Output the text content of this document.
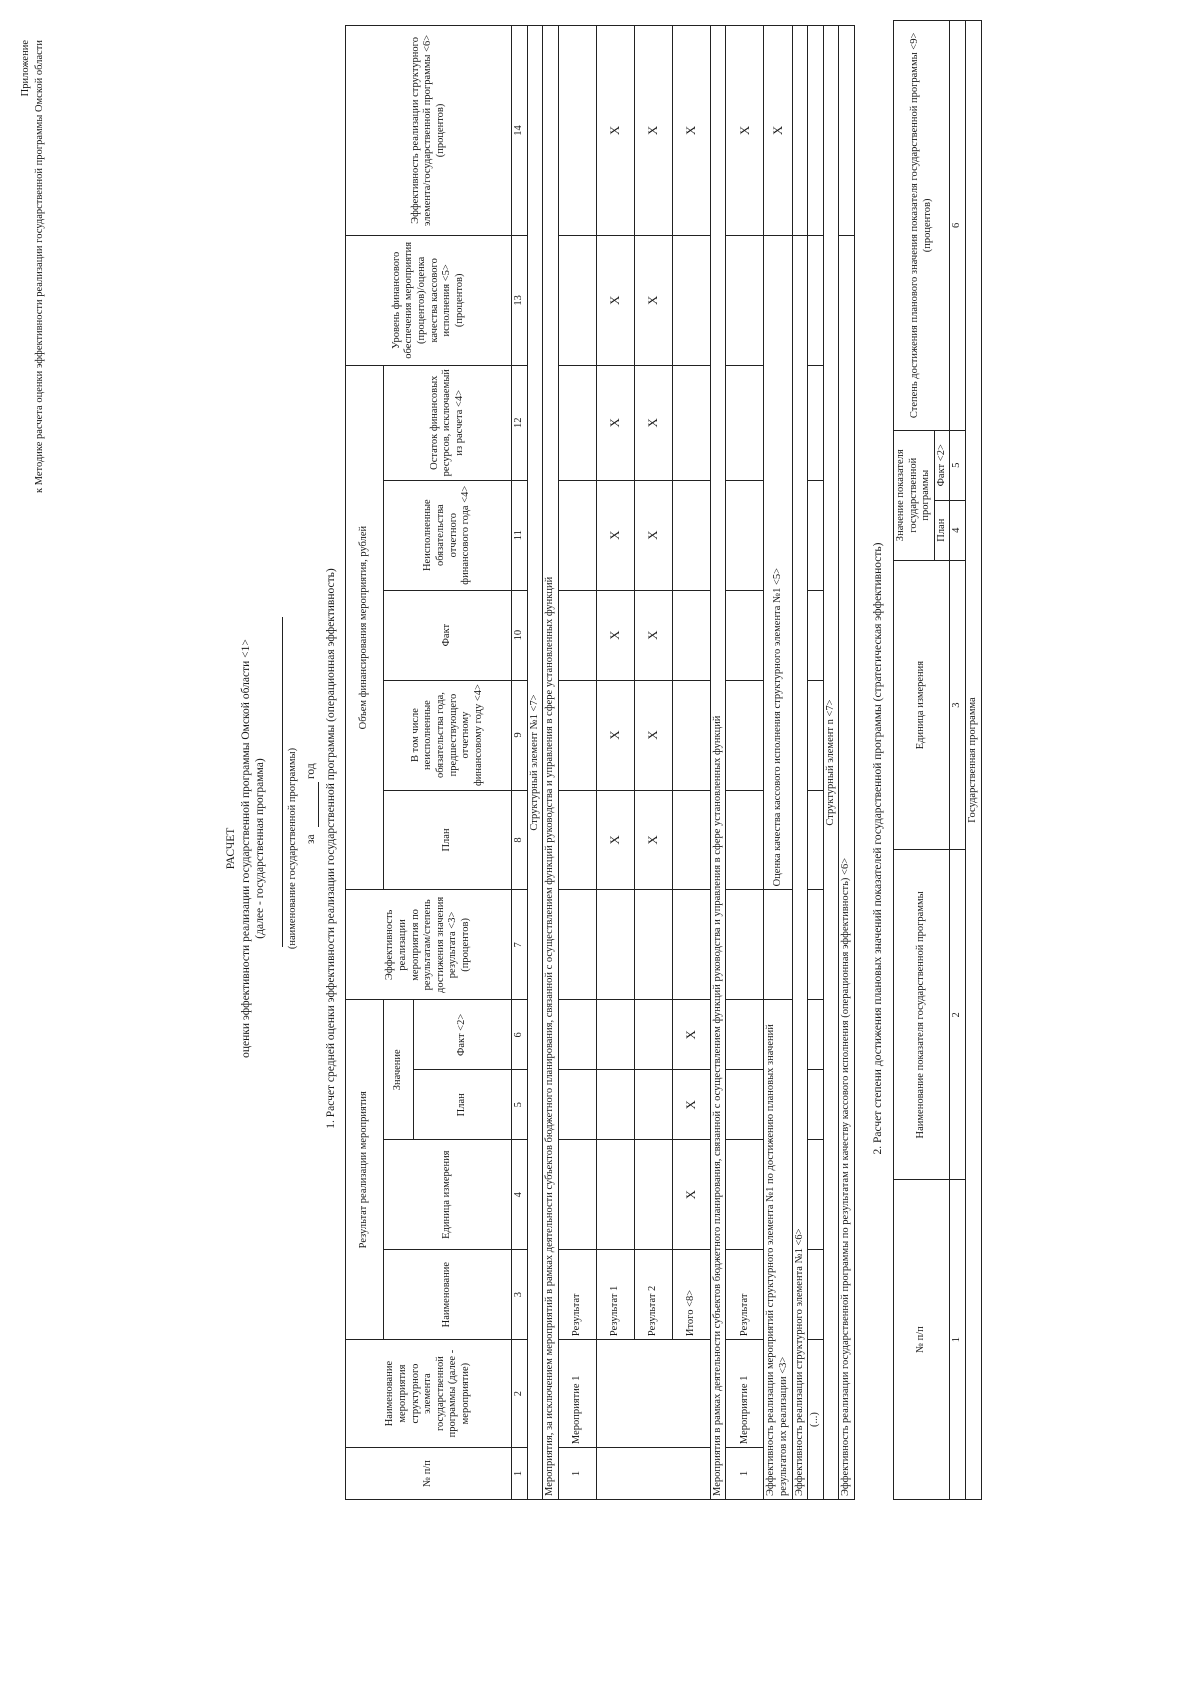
Приложение к Методике расчета оценки эффективности реализации государственной программы Омской области
РАСЧЕТ оценки эффективности реализации государственной программы Омской области <1> (далее - государственная программа) (наименование государственной программы) за
год 1. Расчет средней оценки эффективности реализации государственной программы (операционная эффективность)
№ п/п	Наименование мероприятия структурного элемента государственной программы (далее - мероприятие)	Результат реализации мероприятия				Эффективность реализации мероприятия по результатам/степень достижения значения результата <3> (процентов)	Объем финансирования мероприятия, рублей					Уровень финансового обеспечения мероприятия (процентов)/оценка качества кассового исполнения <5> (процентов)	Эффективность реализации структурного элемента/государственной программы <6> (процентов)
		Наименование	Единица измерения	Значение			План	В том числе неисполненные обязательства года, предшествующего отчетному финансовому году <4>	Факт	Неисполненные обязательства отчетного финансового года <4>	Остаток финансовых ресурсов, исключаемый из расчета <4>		
				План	Факт <2>								
1	2	3	4	5	6	7	8	9	10	11	12	13	14
Структурный элемент №1 <7>													
Мероприятия, за исключением мероприятий в рамках деятельности субъектов бюджетного планирования, связанной с осуществлением функций руководства и управления в сфере установленных функций													
1	Мероприятие 1	Результат											
		Результат 1					X	X	X	X	X	X	X
		Результат 2					X	X	X	X	X	X	X
		Итого <8>	X	X	X								X
Мероприятия в рамках деятельности субъектов бюджетного планирования, связанной с осуществлением функций руководства и управления в сфере установленных функций													
1	Мероприятие 1	Результат											X
Эффективность реализации мероприятий структурного элемента №1 по достижению плановых значений результатов их реализации <3>							Оценка качества кассового исполнения структурного элемента №1 <5>						X
Эффективность реализации структурного элемента №1 <6>													
(...)													
Структурный элемент n <7>													
Эффективность реализации государственной программы по результатам и качеству кассового исполнения (операционная эффективность) <6>													
2. Расчет степени достижения плановых значений показателей государственной программы (стратегическая эффективность)
№ п/п	Наименование показателя государственной программы	Единица измерения	Значение показателя государственной программы		Степень достижения планового значения показателя государственной программы <9> (процентов)
			План	Факт <2>	
1	2	3	4	5	6
Государственная программа					
